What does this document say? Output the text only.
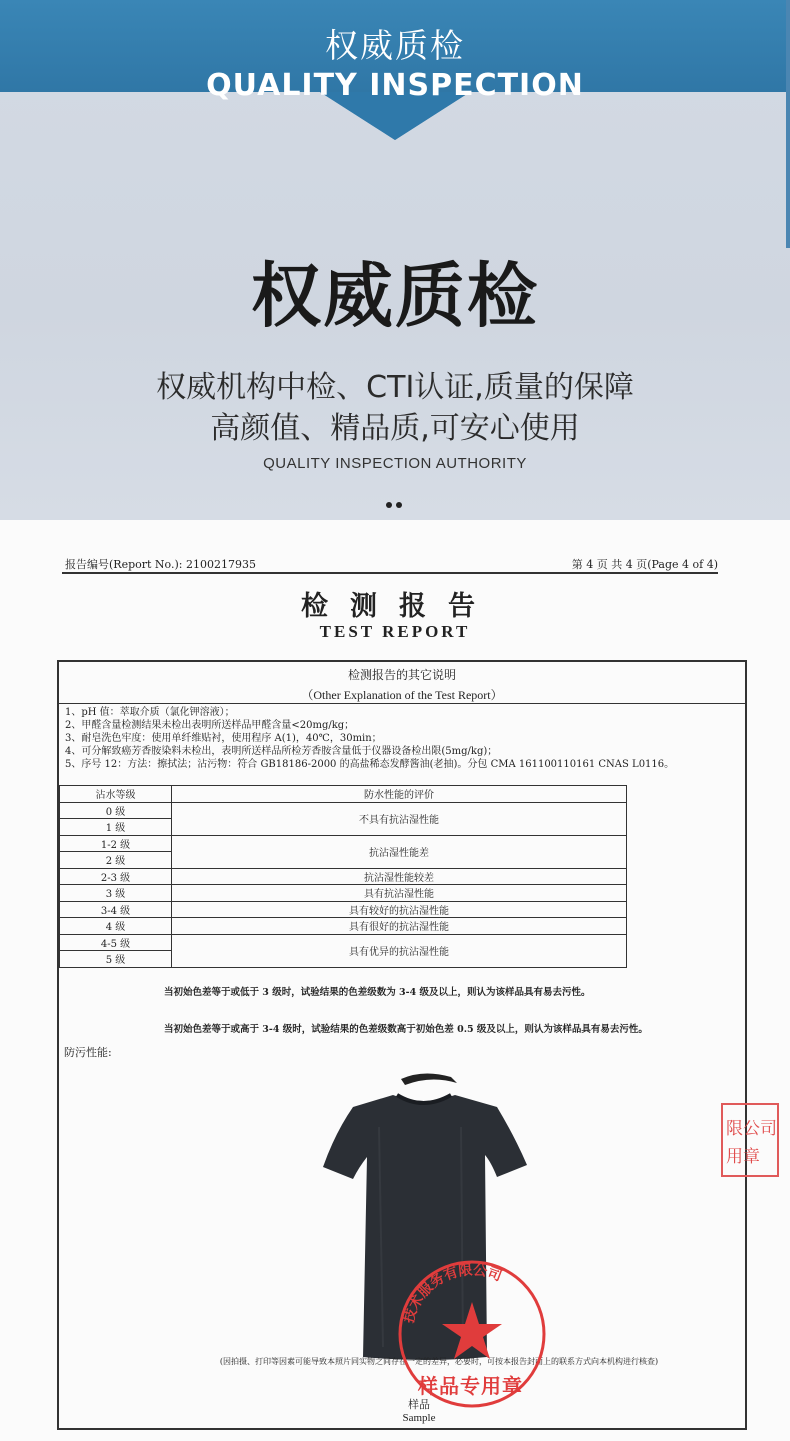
权威质检
QUALITY INSPECTION
权威质检
权威机构中检、CTI认证,质量的保障
高颜值、精品质,可安心使用
QUALITY INSPECTION AUTHORITY
报告编号(Report No.): 2100217935	第 4 页 共 4 页(Page 4 of 4)
检测报告
TEST REPORT
检测报告的其它说明
（Other Explanation of the Test Report）
1、pH 值：萃取介质（氯化钾溶液）；
2、甲醛含量检测结果未检出表明所送样品甲醛含量<20mg/kg；
3、耐皂洗色牢度：使用单纤维贴衬，使用程序 A(1)，40℃，30min；
4、可分解致癌芳香胺染料未检出，表明所送样品所检芳香胺含量低于仪器设备检出限(5mg/kg)；
5、序号 12：方法：擦拭法；沾污物：符合 GB18186-2000 的高盐稀态发酵酱油(老抽)。分包 CMA 161100110161 CNAS L0116。
沾水等级	防水性能的评价
0 级	不具有抗沾湿性能
1 级	
1-2 级	抗沾湿性能差
2 级	
2-3 级	抗沾湿性能较差
3 级	具有抗沾湿性能
3-4 级	具有较好的抗沾湿性能
4 级	具有很好的抗沾湿性能
4-5 级	具有优异的抗沾湿性能
5 级	
当初始色差等于或低于 3 级时，试验结果的色差级数为 3-4 级及以上，则认为该样品具有易去污性。
当初始色差等于或高于 3-4 级时，试验结果的色差级数高于初始色差 0.5 级及以上，则认为该样品具有易去污性。
防污性能:
(因拍摄、打印等因素可能导致本照片同实物之间存在一定的差异，必要时，可按本报告封面上的联系方式向本机构进行核查)
样品
Sample
限公司
用章
技术服务有限公司
样品专用章
